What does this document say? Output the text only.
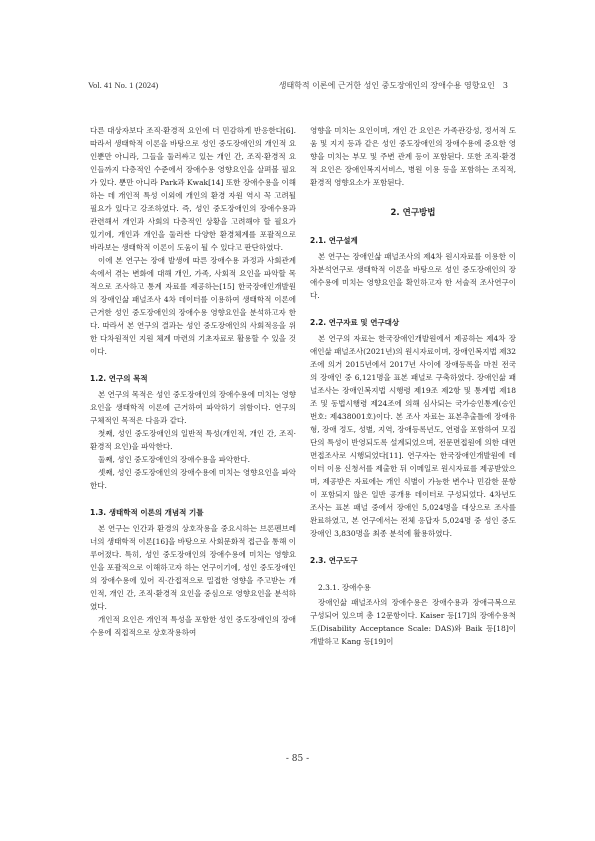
Vol. 41 No. 1 (2024)	생태학적 이론에 근거한 성인 중도장애인의 장애수용 영향요인 3

다른 대상자보다 조직·환경적 요인에 더 민감하게 반응한다[6]. 따라서 생태학적 이론을 바탕으로 성인 중도장애인의 개인적 요인뿐만 아니라, 그들을 둘러싸고 있는 개인 간, 조직·환경적 요인들까지 다층적인 수준에서 장애수용 영향요인을 살펴볼 필요가 있다. 뿐만 아니라 Park과 Kwak[14] 또한 장애수용을 이해하는 데 개인적 특성 이외에 개인의 환경 자원 역시 꼭 고려될 필요가 있다고 강조하였다. 즉, 성인 중도장애인의 장애수용과 관련해서 개인과 사회의 다층적인 상황을 고려해야 할 필요가 있기에, 개인과 개인을 둘러싼 다양한 환경체계를 포괄적으로 바라보는 생태학적 이론이 도움이 될 수 있다고 판단하였다.

이에 본 연구는 장애 발생에 따른 장애수용 과정과 사회관계 속에서 겪는 변화에 대해 개인, 가족, 사회적 요인을 파악할 목적으로 조사하고 통계 자료를 제공하는[15] 한국장애인개발원의 장애인삶 패널조사 4차 데이터를 이용하여 생태학적 이론에 근거한 성인 중도장애인의 장애수용 영향요인을 분석하고자 한다. 따라서 본 연구의 결과는 성인 중도장애인의 사회적응을 위한 다차원적인 지원 체계 마련의 기초자료로 활용할 수 있을 것이다.

1.2. 연구의 목적

본 연구의 목적은 성인 중도장애인의 장애수용에 미치는 영향요인을 생태학적 이론에 근거하여 파악하기 위함이다. 연구의 구체적인 목적은 다음과 같다.

첫째, 성인 중도장애인의 일반적 특성(개인적, 개인 간, 조직·환경적 요인)을 파악한다.

둘째, 성인 중도장애인의 장애수용을 파악한다.

셋째, 성인 중도장애인의 장애수용에 미치는 영향요인을 파악한다.

1.3. 생태학적 이론의 개념적 기틀

본 연구는 인간과 환경의 상호작용을 중요시하는 브론펜브레너의 생태학적 이론[16]을 바탕으로 사회문화적 접근을 통해 이루어졌다. 특히, 성인 중도장애인의 장애수용에 미치는 영향요인을 포괄적으로 이해하고자 하는 연구이기에, 성인 중도장애인의 장애수용에 있어 직·간접적으로 밀접한 영향을 주고받는 개인적, 개인 간, 조직·환경적 요인을 중심으로 영향요인을 분석하였다.

개인적 요인은 개인적 특성을 포함한 성인 중도장애인의 장애수용에 직접적으로 상호작용하여

영향을 미치는 요인이며, 개인 간 요인은 가족관강성, 정서적 도움 및 지지 등과 같은 성인 중도장애인의 장애수용에 중요한 영향을 미치는 부모 및 주변 관계 등이 포함된다. 또한 조직·환경적 요인은 장애인복지서비스, 병원 이용 등을 포함하는 조직적, 환경적 영향요소가 포함된다.

2. 연구방법
2.1. 연구설계

본 연구는 장애인삶 패널조사의 제4차 원시자료를 이용한 이차분석연구로 생태학적 이론을 바탕으로 성인 중도장애인의 장애수용에 미치는 영향요인을 확인하고자 한 서술적 조사연구이다.

2.2. 연구자료 및 연구대상

본 연구의 자료는 한국장애인개발원에서 제공하는 제4차 장애인삶 패널조사(2021년)의 원시자료이며, 장애인복지법 제32조에 의거 2015년에서 2017년 사이에 장애등록을 마친 전국의 장애인 중 6,121명을 표본 패널로 구축하였다. 장애인삶 패널조사는 장애인복지법 시행령 제19조 제2항 및 통계법 제18조 및 동법시행령 제24조에 의해 심사되는 국가승인통계(승인번호: 제438001호)이다. 본 조사 자료는 표본추출틀에 장애유형, 장애 정도, 성별, 지역, 장애등록년도, 연령을 포함하여 모집단의 특성이 반영되도록 설계되었으며, 전문면접원에 의한 대면면접조사로 시행되었다[11]. 연구자는 한국장애인개발원에 데이터 이용 신청서를 제출한 뒤 이메일로 원시자료를 제공받았으며, 제공받은 자료에는 개인 식별이 가능한 변수나 민감한 문항이 포함되지 않은 일반 공개용 데이터로 구성되었다. 4차년도 조사는 표본 패널 중에서 장애인 5,024명을 대상으로 조사를 완료하였고, 본 연구에서는 전체 응답자 5,024명 중 성인 중도장애인 3,830명을 최종 분석에 활용하였다.

2.3. 연구도구
2.3.1. 장애수용

장애인삶 패널조사의 장애수용은 장애수용과 장애극복으로 구성되어 있으며 총 12문항이다. Kaiser 등[17]의 장애수용척도(Disability Acceptance Scale: DAS)와 Baik 등[18]이 개발하고 Kang 등[19]이

- 85 -
